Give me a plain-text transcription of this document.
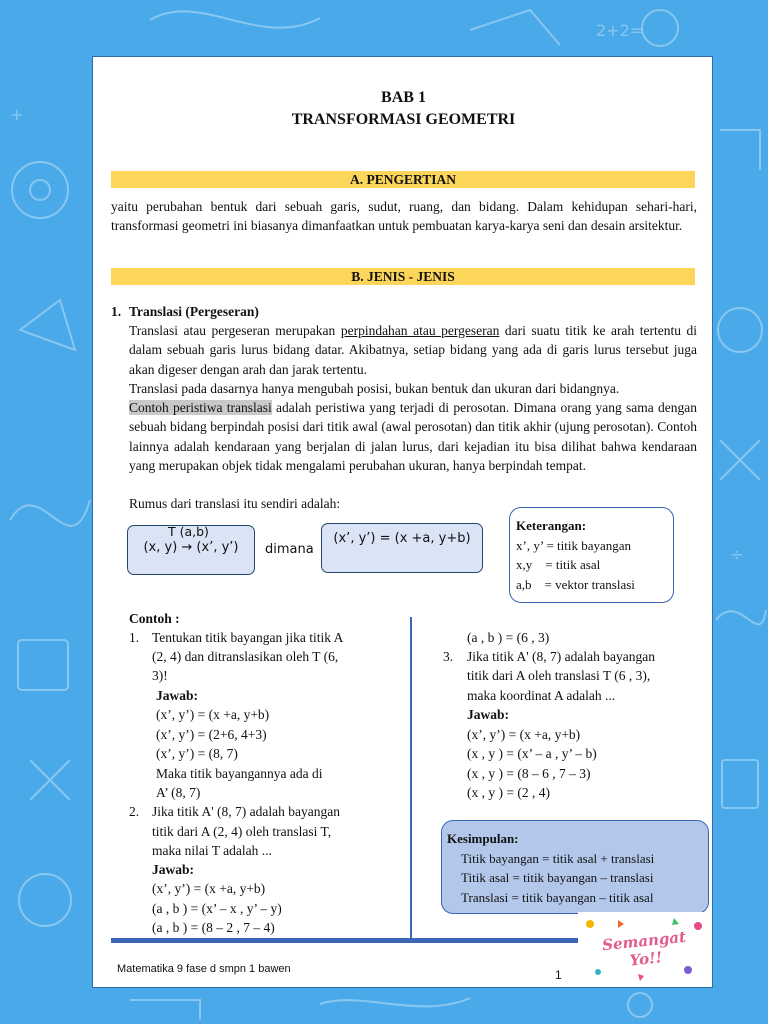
2+2=
+
÷
BAB 1
TRANSFORMASI GEOMETRI
A. PENGERTIAN
yaitu perubahan bentuk dari sebuah garis, sudut, ruang, dan bidang. Dalam kehidupan sehari-hari, transformasi geometri ini biasanya dimanfaatkan untuk pembuatan karya-karya seni dan desain arsitektur.
B. JENIS - JENIS
1. Translasi (Pergeseran)
Translasi atau pergeseran merupakan perpindahan atau pergeseran dari suatu titik ke arah tertentu di dalam sebuah garis lurus bidang datar. Akibatnya, setiap bidang yang ada di garis lurus tersebut juga akan digeser dengan arah dan jarak tertentu.
Translasi pada dasarnya hanya mengubah posisi, bukan bentuk dan ukuran dari bidangnya.
Contoh peristiwa translasi adalah peristiwa yang terjadi di perosotan. Dimana orang yang sama dengan sebuah bidang berpindah posisi dari titik awal (awal perosotan) dan titik akhir (ujung perosotan). Contoh lainnya adalah kendaraan yang berjalan di jalan lurus, dari kejadian itu bisa dilihat bahwa kendaraan yang merupakan objek tidak mengalami perubahan ukuran, hanya berpindah tempat.
Rumus dari translasi itu sendiri adalah:
T (a,b)
(x, y) → (x’, y’)	dimana
(x’, y’) = (x +a, y+b)
Keterangan:
x’, y’ = titik bayangan
x,y    = titik asal
a,b    = vektor translasi
Contoh :
1. Tentukan titik bayangan jika titik A
(2, 4) dan ditranslasikan oleh T (6,
3)!
Jawab:
(x’, y’) = (x +a, y+b)
(x’, y’) = (2+6, 4+3)
(x’, y’) = (8, 7)
Maka titik bayangannya ada di
A’ (8, 7)
2. Jika titik A' (8, 7) adalah bayangan
titik dari A (2, 4) oleh translasi T,
maka nilai T adalah ...
Jawab:
(x’, y’) = (x +a, y+b)
(a , b ) = (x’ – x , y’ – y)
(a , b ) = (8 – 2 , 7 – 4)
(a , b ) = (6 , 3)
3. Jika titik A' (8, 7) adalah bayangan
titik dari A oleh translasi T (6 , 3),
maka koordinat A adalah ...
Jawab:
(x’, y’) = (x +a, y+b)
(x , y ) = (x’ – a , y’ – b)
(x , y ) = (8 – 6 , 7 – 3)
(x , y ) = (2 , 4)
Kesimpulan:
Titik bayangan = titik asal + translasi
Titik asal = titik bayangan – translasi
Translasi = titik bayangan – titik asal
Semangat Yo!!
Matematika 9 fase d smpn 1 bawen	1
